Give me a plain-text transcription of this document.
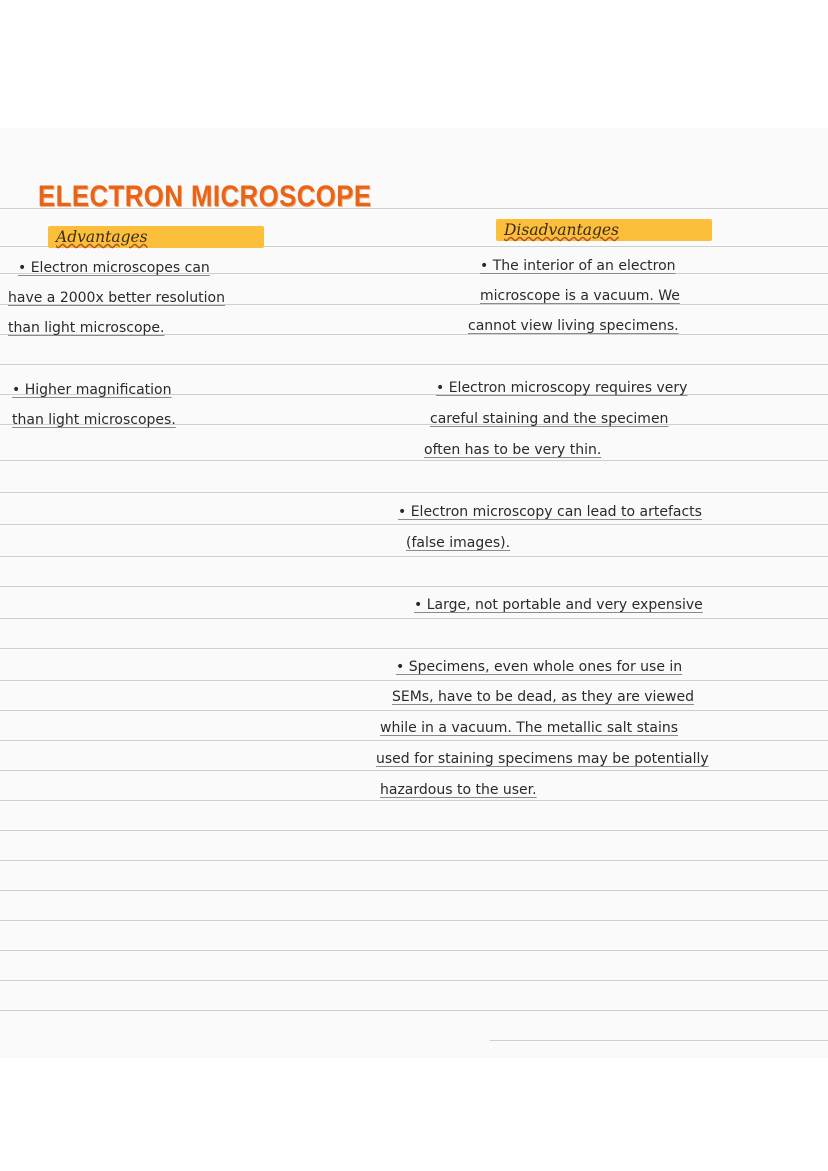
ELECTRON MICROSCOPE
Advantages	Disadvantages
• Electron microscopes can
have a 2000x better resolution
than light microscope.
• Higher magnification
than light microscopes.
• The interior of an electron
microscope is a vacuum. We
cannot view living specimens.
• Electron microscopy requires very
careful staining and the specimen
often has to be very thin.
• Electron microscopy can lead to artefacts
(false images).
• Large, not portable and very expensive
• Specimens, even whole ones for use in
SEMs, have to be dead, as they are viewed
while in a vacuum. The metallic salt stains
used for staining specimens may be potentially
hazardous to the user.
